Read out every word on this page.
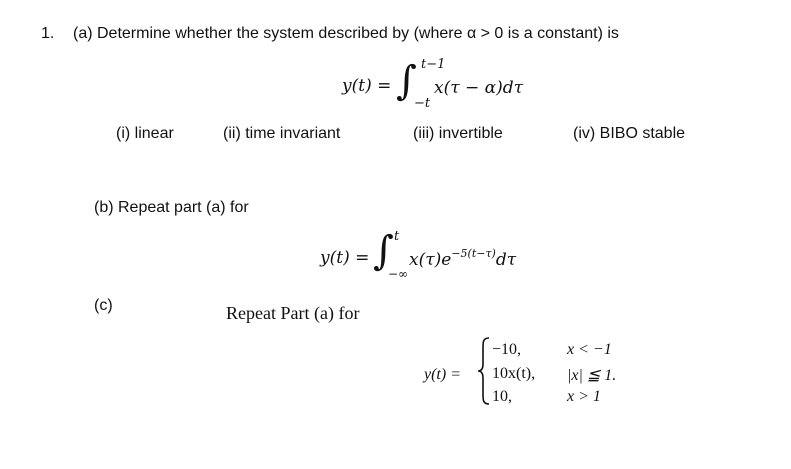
1. (a) Determine whether the system described by (where α > 0 is a constant) is
y(t) = ∫ t−1
−t
x(τ − α)dτ
(i) linear	(ii) time invariant	(iii) invertible	(iv) BIBO stable
(b) Repeat part (a) for
y(t) = ∫ t
−∞
$x(\tau)e^{-5(t-\tau)}d\tau$
(c)	Repeat Part (a) for
y(t) =
−10,	x < −1
10x(t), |x| ≦ 1.
10,	x > 1
